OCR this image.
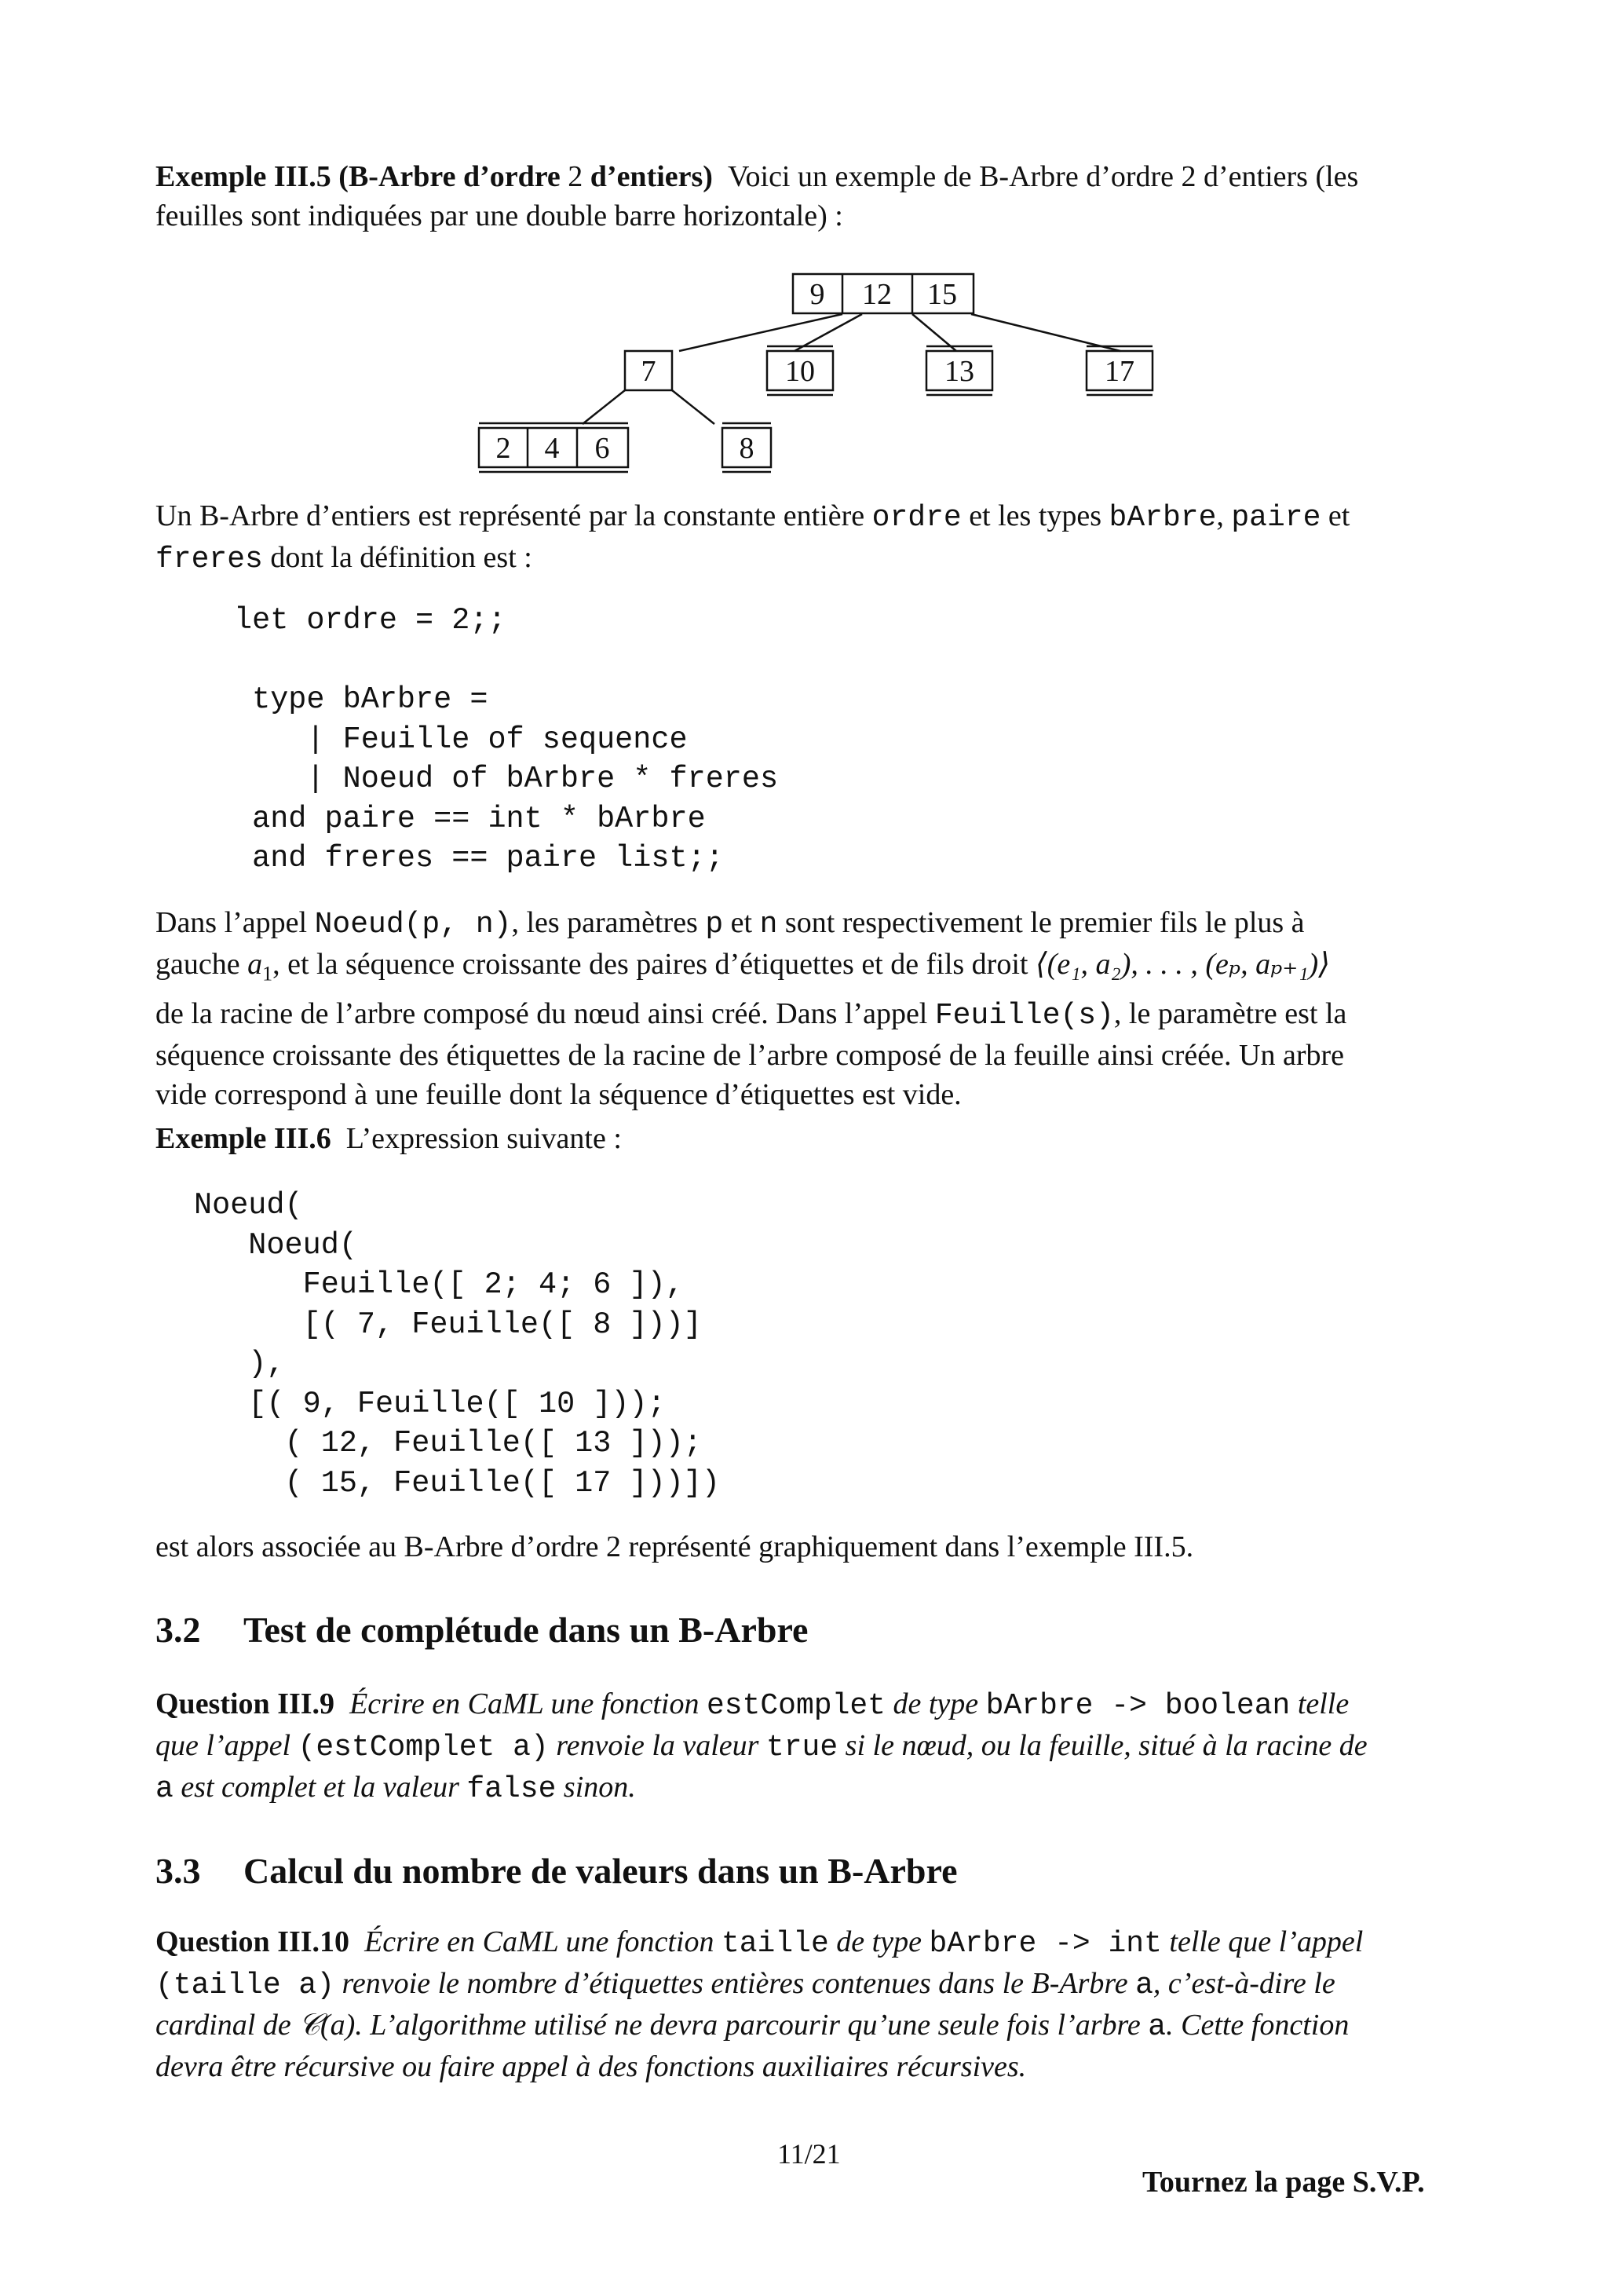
Exemple III.5 (B-Arbre d’ordre 2 d’entiers) Voici un exemple de B-Arbre d’ordre 2 d’entiers (les
feuilles sont indiquées par une double barre horizontale) :
9 12 15
7	10	13	17
2 4 6	8
Un B-Arbre d’entiers est représenté par la constante entière ordre et les types bArbre, paire et
freres dont la définition est :
let ordre = 2;;

type bArbre =
| Feuille of sequence
| Noeud of bArbre * freres
and paire == int * bArbre
and freres == paire list;;
Dans l’appel Noeud(p, n), les paramètres p et n sont respectivement le premier fils le plus à
gauche $a_1$, et la séquence croissante des paires d’étiquettes et de fils droit ⟨(e₁, a₂), . . . , (eₚ, aₚ₊₁)⟩
de la racine de l’arbre composé du nœud ainsi créé. Dans l’appel Feuille(s), le paramètre est la
séquence croissante des étiquettes de la racine de l’arbre composé de la feuille ainsi créée. Un arbre
vide correspond à une feuille dont la séquence d’étiquettes est vide.
Exemple III.6 L’expression suivante :
Noeud(
Noeud(
Feuille([ 2; 4; 6 ]),
[( 7, Feuille([ 8 ]))]
),
[( 9, Feuille([ 10 ]));
( 12, Feuille([ 13 ]));
( 15, Feuille([ 17 ]))])
est alors associée au B-Arbre d’ordre 2 représenté graphiquement dans l’exemple III.5.
3.2 Test de complétude dans un B-Arbre
Question III.9 Écrire en CaML une fonction estComplet de type bArbre -> boolean telle
que l’appel (estComplet a) renvoie la valeur true si le nœud, ou la feuille, situé à la racine de
a est complet et la valeur false sinon.
3.3 Calcul du nombre de valeurs dans un B-Arbre
Question III.10 Écrire en CaML une fonction taille de type bArbre -> int telle que l’appel
(taille a) renvoie le nombre d’étiquettes entières contenues dans le B-Arbre a, c’est-à-dire le
cardinal de 𝒞(a). L’algorithme utilisé ne devra parcourir qu’une seule fois l’arbre a. Cette fonction
devra être récursive ou faire appel à des fonctions auxiliaires récursives.
11/21
Tournez la page S.V.P.
